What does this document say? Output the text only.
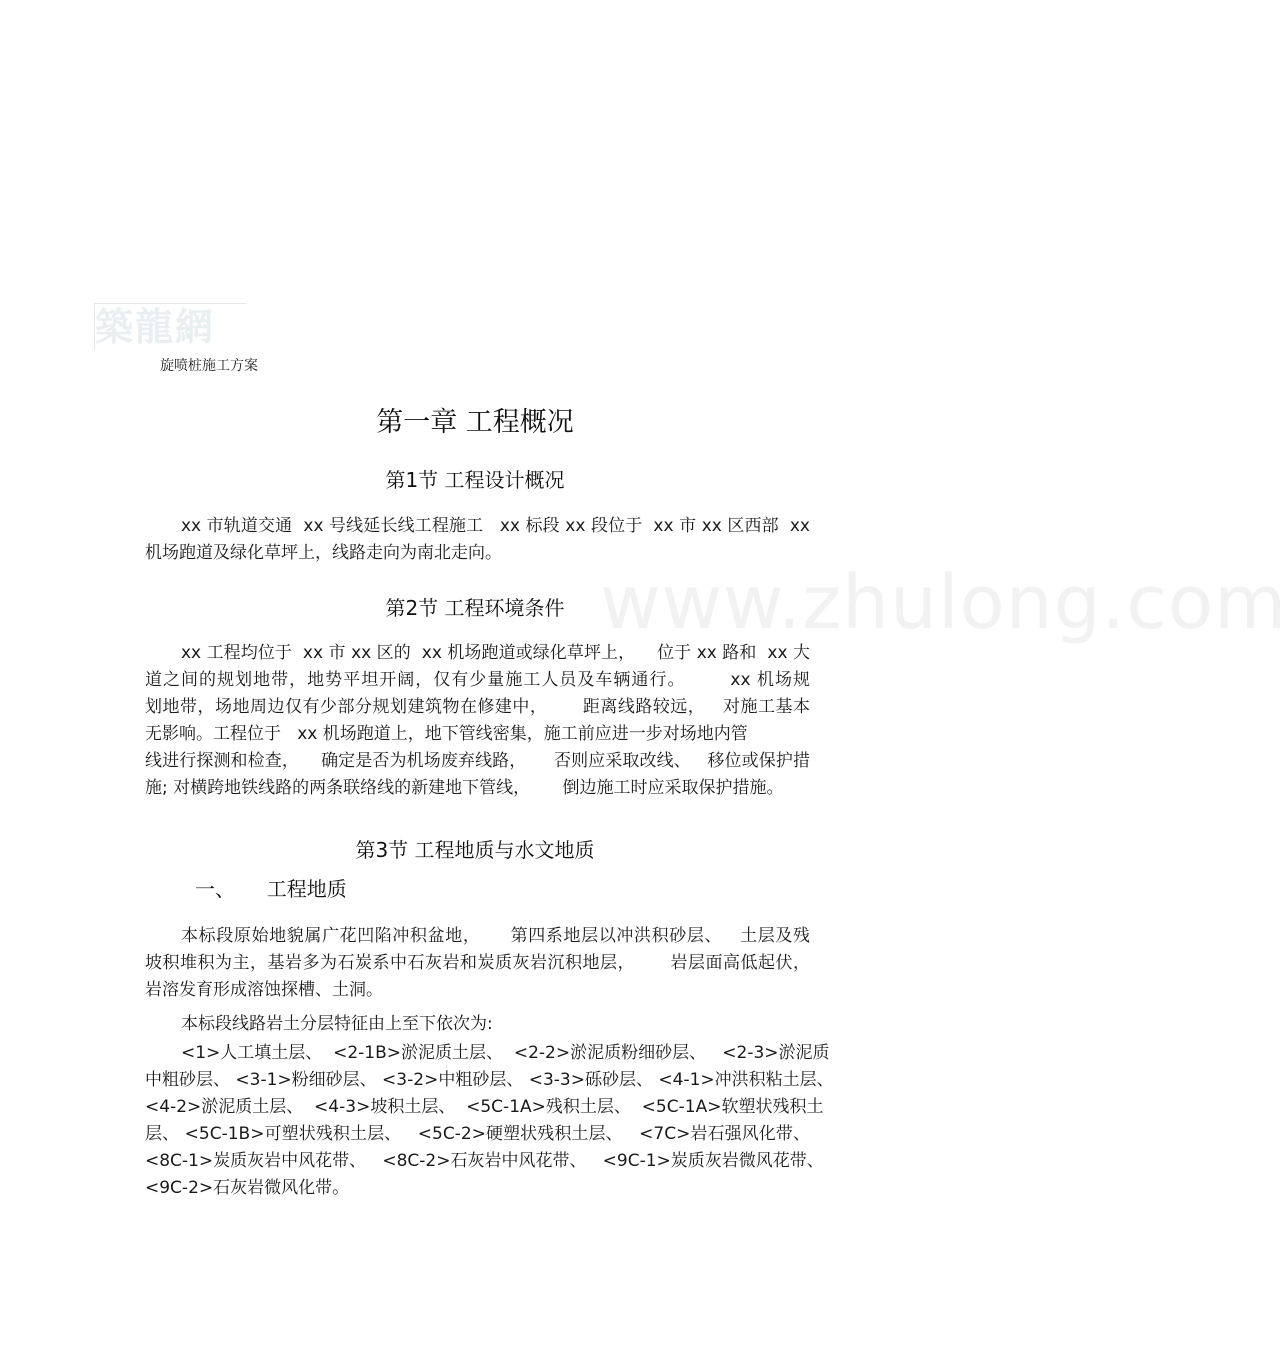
築龍網
旋喷桩施工方案
www.zhulong.com
第一章 工程概况
第1节 工程设计概况
xx 市轨道交通  xx 号线延长线工程施工   xx 标段 xx 段位于  xx 市 xx 区西部  xx
机场跑道及绿化草坪上，线路走向为南北走向。
第2节 工程环境条件
xx 工程均位于  xx 市 xx 区的  xx 机场跑道或绿化草坪上，    位于 xx 路和  xx 大
道之间的规划地带，地势平坦开阔，仅有少量施工人员及车辆通行。       xx 机场规
划地带，场地周边仅有少部分规划建筑物在修建中，      距离线路较远，   对施工基本
无影响。工程位于   xx 机场跑道上，地下管线密集，施工前应进一步对场地内管
线进行探测和检查，    确定是否为机场废弃线路，     否则应采取改线、   移位或保护措
施; 对横跨地铁线路的两条联络线的新建地下管线，      倒边施工时应采取保护措施。
第3节 工程地质与水文地质
一、     工程地质
本标段原始地貌属广花凹陷冲积盆地，     第四系地层以冲洪积砂层、   土层及残
坡积堆积为主，基岩多为石炭系中石灰岩和炭质灰岩沉积地层，      岩层面高低起伏，
岩溶发育形成溶蚀探槽、土洞。
本标段线路岩土分层特征由上至下依次为:
<1>人工填土层、  <2-1B>淤泥质土层、  <2-2>淤泥质粉细砂层、   <2-3>淤泥质
中粗砂层、 <3-1>粉细砂层、 <3-2>中粗砂层、 <3-3>砾砂层、 <4-1>冲洪积粘土层、
<4-2>淤泥质土层、  <4-3>坡积土层、  <5C-1A>残积土层、  <5C-1A>软塑状残积土
层、 <5C-1B>可塑状残积土层、   <5C-2>硬塑状残积土层、   <7C>岩石强风化带、
<8C-1>炭质灰岩中风花带、   <8C-2>石灰岩中风花带、   <9C-1>炭质灰岩微风花带、
<9C-2>石灰岩微风化带。
